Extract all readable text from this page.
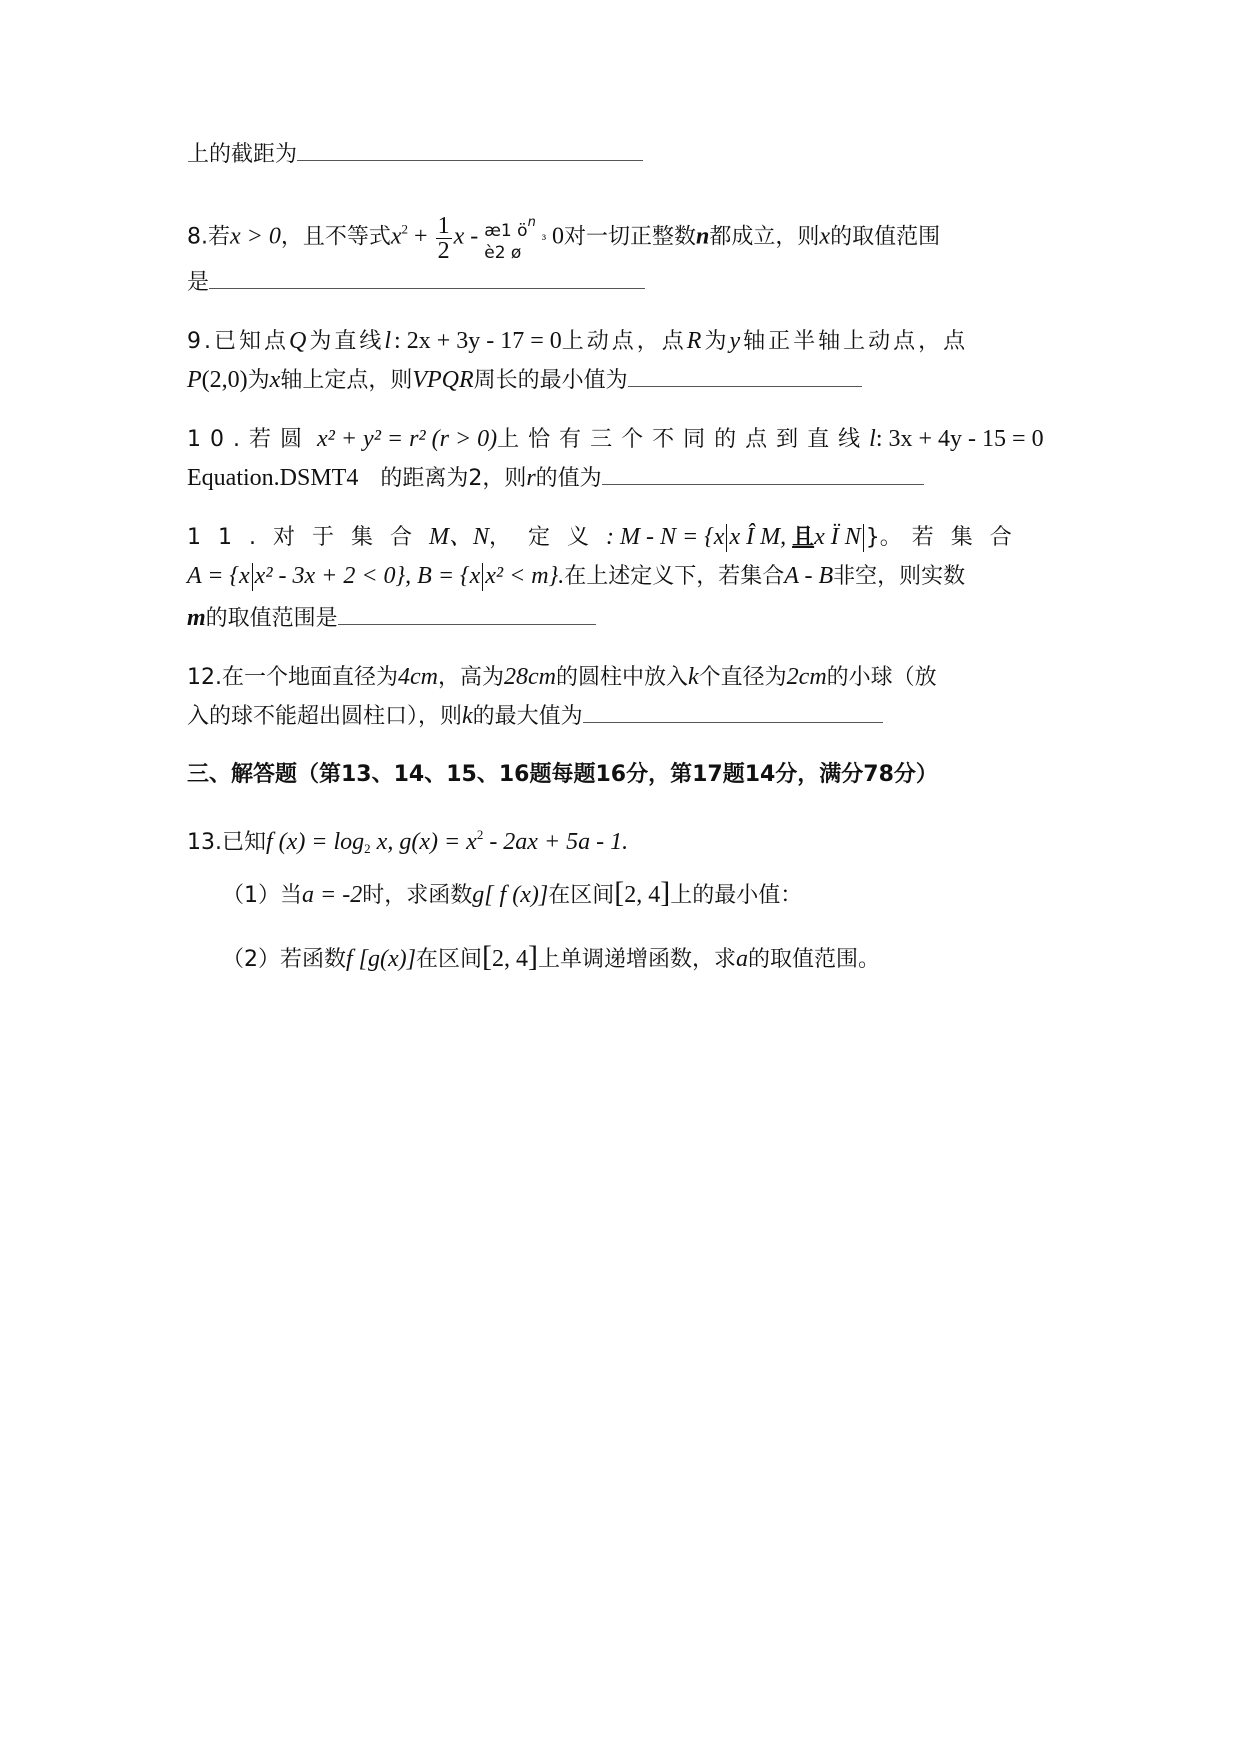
上的截距为
8.若x > 0，且不等式$x^2 + \frac{1}{2}$ x - æ1 $ö^n$
è2 ø³ 0对一切正整数n都成立，则x的取值范围
是
9.已知点Q为直线l: 2x + 3y - 17 = 0上动点，点R为y轴正半轴上动点，点
P(2,0)为x轴上定点，则VPQR周长的最小值为
10.若圆 x² + y² = r² (r > 0)上恰有三个不同的点到直线l: 3x + 4y - 15 = 0
Equation.DSMT4 的距离为2，则r的值为
11.对于集合M、N，定义: M - N = {x x Î M, 且x Ï N }。 若集合
A = {x x² - 3x + 2 < 0}, B = {x x² < m}.在上述定义下，若集合A - B非空，则实数
m的取值范围是
12.在一个地面直径为4cm，高为28cm的圆柱中放入k个直径为2cm的小球（放
入的球不能超出圆柱口），则k的最大值为
三、解答题（第13、14、15、16题每题16分，第17题14分，满分78分）
13.已知f $(x) = \log_2 x$, $g(x) = x^2 - 2ax + 5a - 1$.
（1）当a = -2时，求函数g[ f (x)]在区间[2, 4]上的最小值：
（2）若函数f [g(x)]在区间[2, 4]上单调递增函数，求a的取值范围。
